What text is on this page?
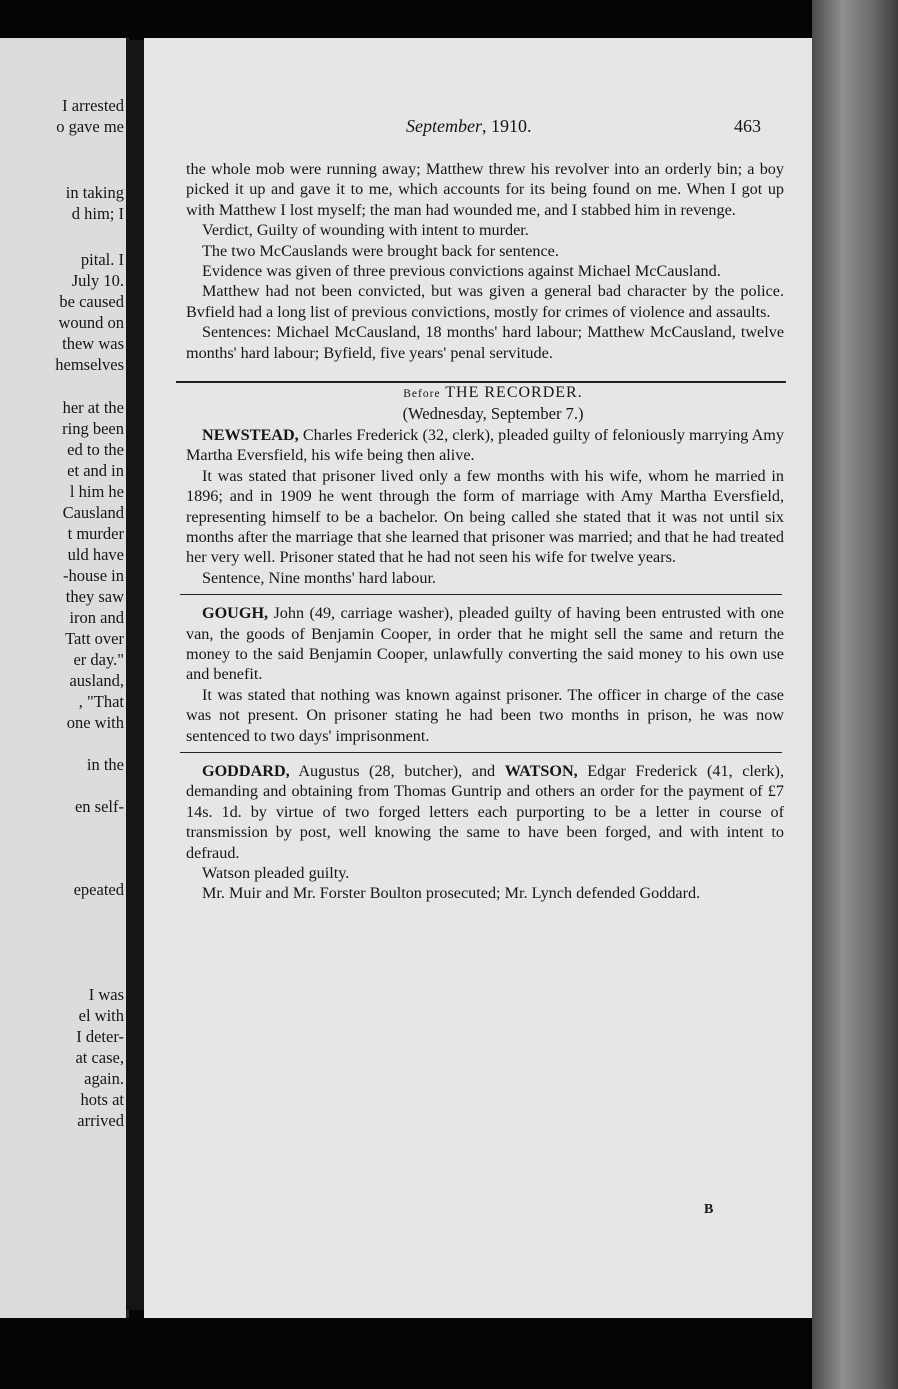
I arrested
o gave me
in taking
d him; I
pital. I
July 10.
be caused
wound on
thew was
hemselves
her at the
ring been
ed to the
et and in
l him he
Causland
t murder
uld have
-house in
they saw
iron and
Tatt over
er day."
ausland,
, "That
one with
in the
en self-
epeated
I was
el with
I deter-
at case,
again.
hots at
arrived
September, 1910.	463

the whole mob were running away; Matthew threw his revolver into an orderly bin; a boy picked it up and gave it to me, which accounts for its being found on me. When I got up with Matthew I lost myself; the man had wounded me, and I stabbed him in revenge.

Verdict, Guilty of wounding with intent to murder.

The two McCauslands were brought back for sentence.

Evidence was given of three previous convictions against Michael McCausland.

Matthew had not been convicted, but was given a general bad character by the police. Bvfield had a long list of previous convictions, mostly for crimes of violence and assaults.

Sentences: Michael McCausland, 18 months' hard labour; Matthew McCausland, twelve months' hard labour; Byfield, five years' penal servitude.

Before THE RECORDER.

(Wednesday, September 7.)

NEWSTEAD, Charles Frederick (32, clerk), pleaded guilty of feloniously marrying Amy Martha Eversfield, his wife being then alive.

It was stated that prisoner lived only a few months with his wife, whom he married in 1896; and in 1909 he went through the form of marriage with Amy Martha Eversfield, representing himself to be a bachelor. On being called she stated that it was not until six months after the marriage that she learned that prisoner was married; and that he had treated her very well. Prisoner stated that he had not seen his wife for twelve years.

Sentence, Nine months' hard labour.

GOUGH, John (49, carriage washer), pleaded guilty of having been entrusted with one van, the goods of Benjamin Cooper, in order that he might sell the same and return the money to the said Benjamin Cooper, unlawfully converting the said money to his own use and benefit.

It was stated that nothing was known against prisoner. The officer in charge of the case was not present. On prisoner stating he had been two months in prison, he was now sentenced to two days' imprisonment.

GODDARD, Augustus (28, butcher), and WATSON, Edgar Frederick (41, clerk), demanding and obtaining from Thomas Guntrip and others an order for the payment of £7 14s. 1d. by virtue of two forged letters each purporting to be a letter in course of transmission by post, well knowing the same to have been forged, and with intent to defraud.

Watson pleaded guilty.

Mr. Muir and Mr. Forster Boulton prosecuted; Mr. Lynch defended Goddard.

B
